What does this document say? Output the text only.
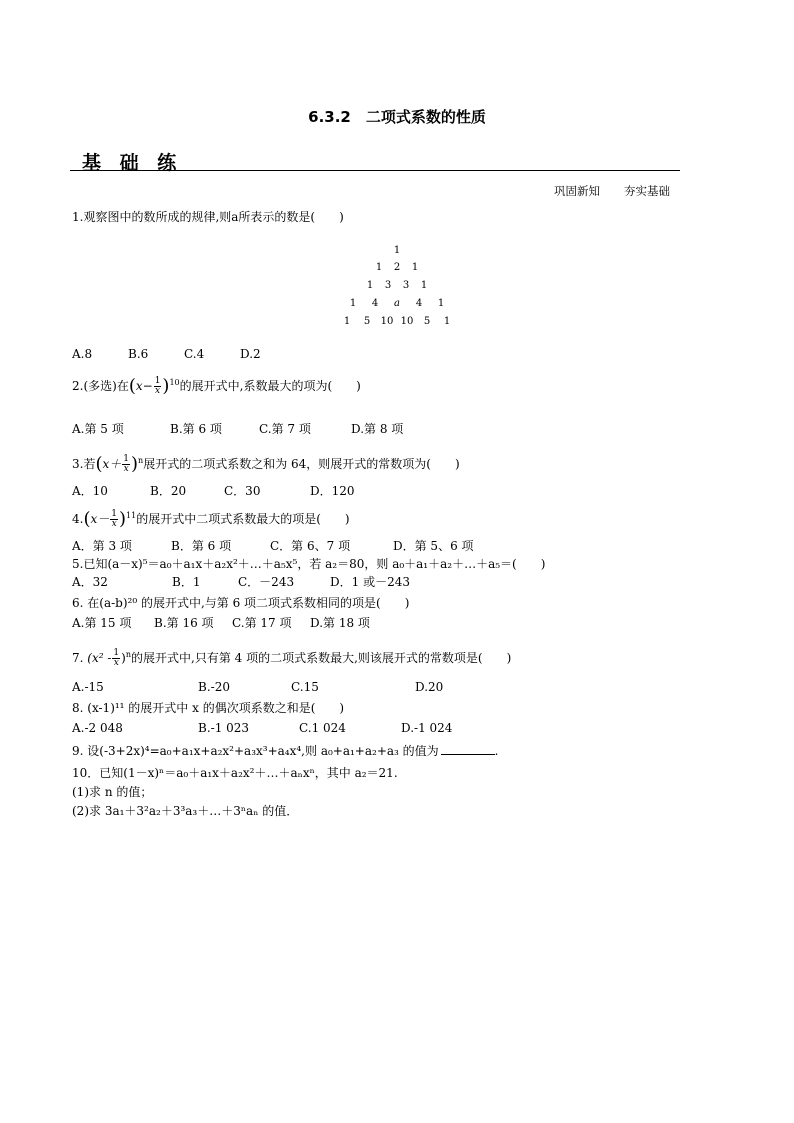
6.3.2　二项式系数的性质
基 础 练
巩固新知 夯实基础
1.观察图中的数所成的规律,则a所表示的数是(　　)
1
1 2 1
1 3 3 1
1 4 a 4 1
1 5 10 10 5 1
A.8	B.6	C.4	D.2
2.(多选)在$(x- \frac{1}{x} )^{10}$的展开式中,系数最大的项为(　　)
A.第 5 项	B.第 6 项	C.第 7 项	D.第 8 项
3.若$(x+ \frac{1}{x} )^n$展开式的二项式系数之和为 64，则展开式的常数项为(　　)
A．10	B．20	C．30	D．120
$4.(x- \frac{1}{x} )^{11}$的展开式中二项式系数最大的项是(　　)
A．第 3 项	B．第 6 项	C．第 6、7 项	D．第 5、6 项
5.已知(a－x)⁵＝a₀＋a₁x＋a₂x²＋…＋a₅x⁵，若 a₂＝80，则 a₀＋a₁＋a₂＋…＋a₅＝(　　)
A．32	B．1	C．－243	D．1 或－243
6. 在(a-b)²⁰ 的展开式中,与第 6 项二项式系数相同的项是(　　)
A.第 15 项 B.第 16 项 C.第 17 项 D.第 18 项
7. $(x^2 - \frac{1}{x} )^n$的展开式中,只有第 4 项的二项式系数最大,则该展开式的常数项是(　　)
A.-15	B.-20	C.15	D.20
8. (x-1)¹¹ 的展开式中 x 的偶次项系数之和是(　　)
A.-2 048	B.-1 023	C.1 024	D.-1 024
9. 设(-3+2x)⁴=a₀+a₁x+a₂x²+a₃x³+a₄x⁴,则 a₀+a₁+a₂+a₃ 的值为	.
10．已知(1－x)ⁿ＝a₀＋a₁x＋a₂x²＋…＋aₙxⁿ，其中 a₂＝21.
(1)求 n 的值；
(2)求 3a₁＋3²a₂＋3³a₃＋…＋3ⁿaₙ 的值．
